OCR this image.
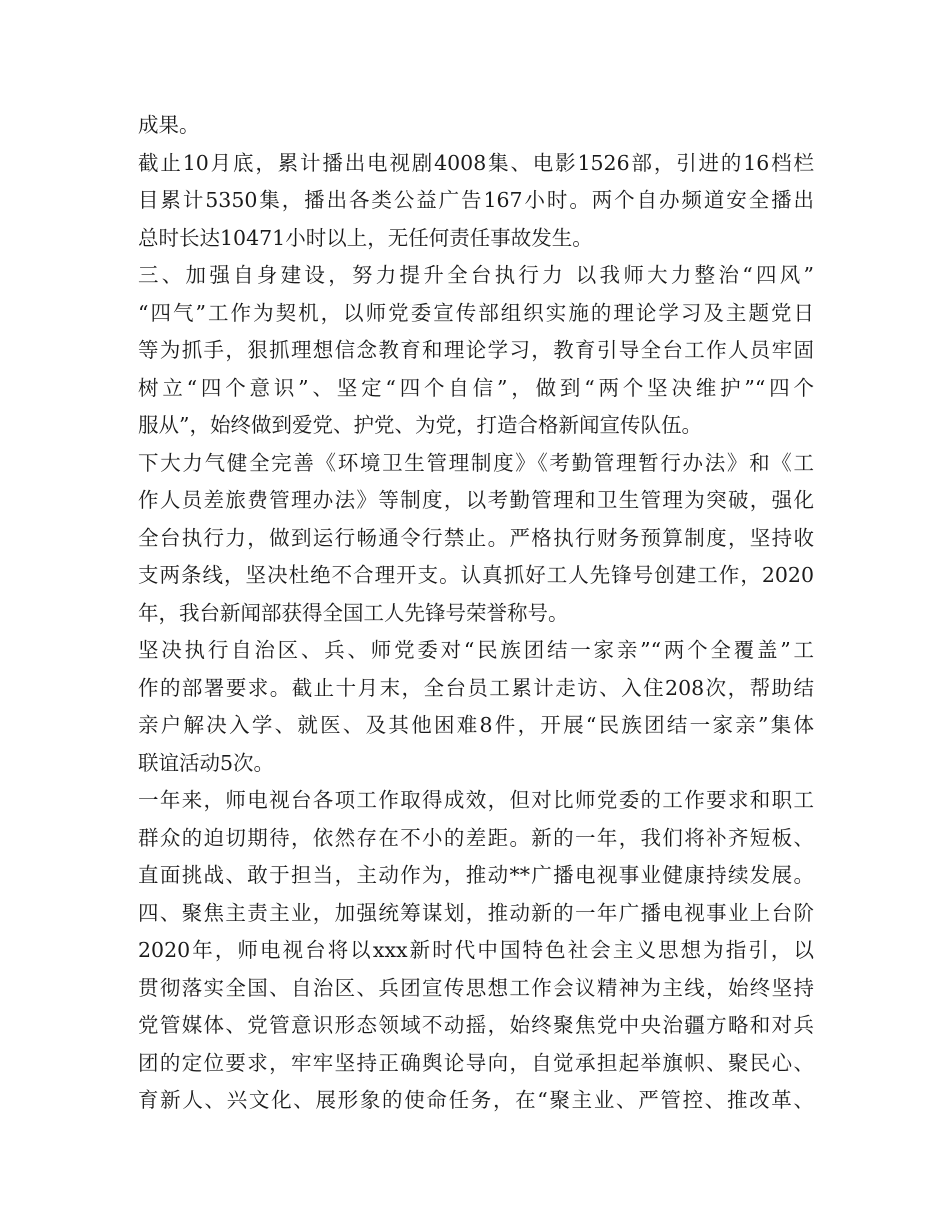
成果。
截止10月底，累计播出电视剧4008集、电影1526部，引进的16档栏
目累计5350集，播出各类公益广告167小时。两个自办频道安全播出
总时长达10471小时以上，无任何责任事故发生。
三、加强自身建设，努力提升全台执行力 以我师大力整治“四风”
“四气”工作为契机，以师党委宣传部组织实施的理论学习及主题党日
等为抓手，狠抓理想信念教育和理论学习，教育引导全台工作人员牢固
树立“四个意识”、坚定“四个自信”，做到“两个坚决维护”“四个
服从”，始终做到爱党、护党、为党，打造合格新闻宣传队伍。
下大力气健全完善《环境卫生管理制度》《考勤管理暂行办法》和《工
作人员差旅费管理办法》等制度，以考勤管理和卫生管理为突破，强化
全台执行力，做到运行畅通令行禁止。严格执行财务预算制度，坚持收
支两条线，坚决杜绝不合理开支。认真抓好工人先锋号创建工作，2020
年，我台新闻部获得全国工人先锋号荣誉称号。
坚决执行自治区、兵、师党委对“民族团结一家亲”“两个全覆盖”工
作的部署要求。截止十月末，全台员工累计走访、入住208次，帮助结
亲户解决入学、就医、及其他困难8件，开展“民族团结一家亲”集体
联谊活动5次。
一年来，师电视台各项工作取得成效，但对比师党委的工作要求和职工
群众的迫切期待，依然存在不小的差距。新的一年，我们将补齐短板、
直面挑战、敢于担当，主动作为，推动**广播电视事业健康持续发展。
四、聚焦主责主业，加强统筹谋划，推动新的一年广播电视事业上台阶
2020年，师电视台将以xxx新时代中国特色社会主义思想为指引，以
贯彻落实全国、自治区、兵团宣传思想工作会议精神为主线，始终坚持
党管媒体、党管意识形态领域不动摇，始终聚焦党中央治疆方略和对兵
团的定位要求，牢牢坚持正确舆论导向，自觉承担起举旗帜、聚民心、
育新人、兴文化、展形象的使命任务，在“聚主业、严管控、推改革、
